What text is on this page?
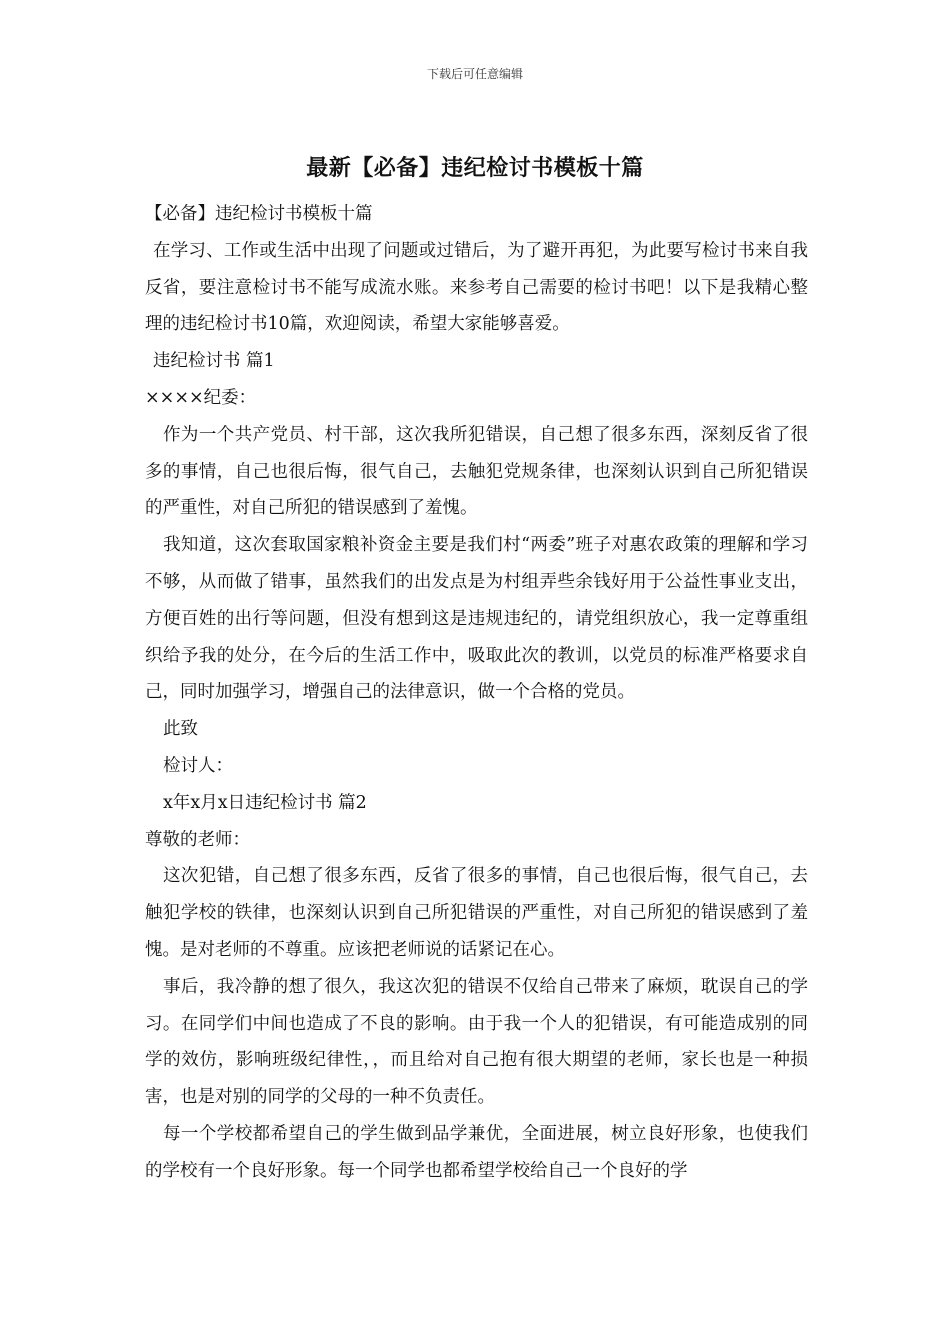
下载后可任意编辑
最新【必备】违纪检讨书模板十篇

【必备】违纪检讨书模板十篇

在学习、工作或生活中出现了问题或过错后，为了避开再犯，为此要写检讨书来自我反省，要注意检讨书不能写成流水账。来参考自己需要的检讨书吧！以下是我精心整理的违纪检讨书10篇，欢迎阅读，希望大家能够喜爱。

违纪检讨书 篇1

××××纪委：

作为一个共产党员、村干部，这次我所犯错误，自己想了很多东西，深刻反省了很多的事情，自己也很后悔，很气自己，去触犯党规条律，也深刻认识到自己所犯错误的严重性，对自己所犯的错误感到了羞愧。

我知道，这次套取国家粮补资金主要是我们村“两委”班子对惠农政策的理解和学习不够，从而做了错事，虽然我们的出发点是为村组弄些余钱好用于公益性事业支出，方便百姓的出行等问题，但没有想到这是违规违纪的，请党组织放心，我一定尊重组织给予我的处分，在今后的生活工作中，吸取此次的教训，以党员的标准严格要求自己，同时加强学习，增强自己的法律意识，做一个合格的党员。

此致

检讨人：

x年x月x日违纪检讨书 篇2

尊敬的老师：

这次犯错，自己想了很多东西，反省了很多的事情，自己也很后悔，很气自己，去触犯学校的铁律，也深刻认识到自己所犯错误的严重性，对自己所犯的错误感到了羞愧。是对老师的不尊重。应该把老师说的话紧记在心。

事后，我冷静的想了很久，我这次犯的错误不仅给自己带来了麻烦，耽误自己的学习。在同学们中间也造成了不良的影响。由于我一个人的犯错误，有可能造成别的同学的效仿，影响班级纪律性，，而且给对自己抱有很大期望的老师，家长也是一种损害，也是对别的同学的父母的一种不负责任。

每一个学校都希望自己的学生做到品学兼优，全面进展，树立良好形象，也使我们的学校有一个良好形象。每一个同学也都希望学校给自己一个良好的学
